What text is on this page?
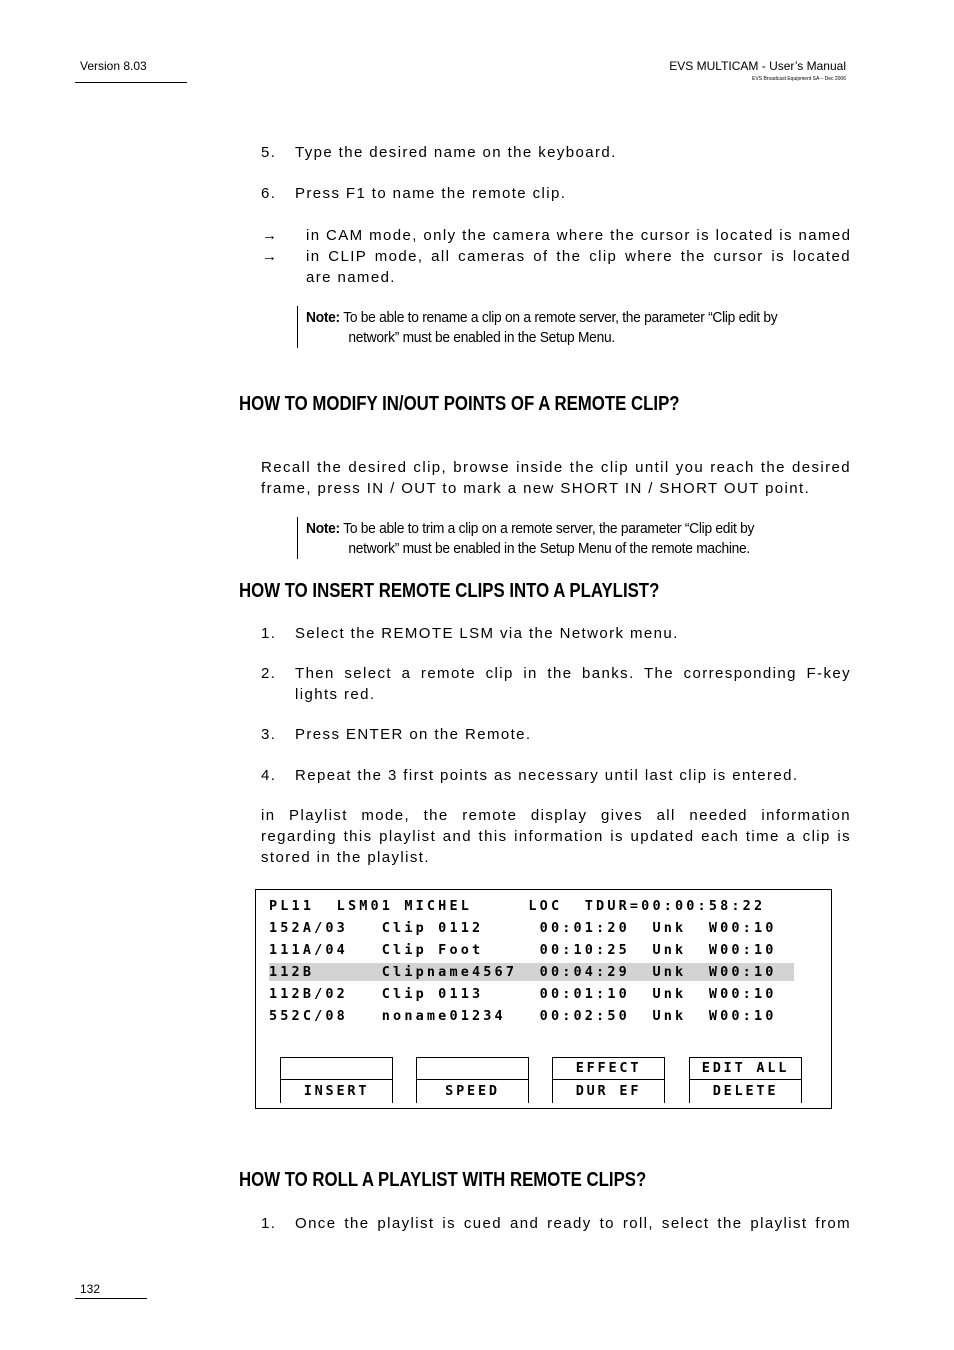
Version 8.03	EVS MULTICAM - User’s Manual
EVS Broadcast Equipment SA – Dec 2006
5. Type the desired name on the keyboard.
6. Press F1 to name the remote clip.
→ in CAM mode, only the camera where the cursor is located is named
→ in CLIP mode, all cameras of the clip where the cursor is located are named.
Note: To be able to rename a clip on a remote server, the parameter “Clip edit by
network” must be enabled in the Setup Menu.
HOW TO MODIFY IN/OUT POINTS OF A REMOTE CLIP?
Recall the desired clip, browse inside the clip until you reach the desired frame, press IN / OUT to mark a new SHORT IN / SHORT OUT point.
Note: To be able to trim a clip on a remote server, the parameter “Clip edit by
network” must be enabled in the Setup Menu of the remote machine.
HOW TO INSERT REMOTE CLIPS INTO A PLAYLIST?
1. Select the REMOTE LSM via the Network menu.
2. Then select a remote clip in the banks. The corresponding F-key lights red.
3. Press ENTER on the Remote.
4. Repeat the 3 first points as necessary until last clip is entered.
in Playlist mode, the remote display gives all needed information regarding this playlist and this information is updated each time a clip is stored in the playlist.
PL11  LSM01 MICHEL     LOC  TDUR=00:00:58:22
152A/03   Clip 0112     00:01:20  Unk  W00:10
111A/04   Clip Foot     00:10:25  Unk  W00:10
112B      Clipname4567  00:04:29  Unk  W00:10
112B/02   Clip 0113     00:01:10  Unk  W00:10
552C/08   noname01234   00:02:50  Unk  W00:10
INSERT	SPEED
EFFECT
DUR EF
EDIT ALL
DELETE
HOW TO ROLL A PLAYLIST WITH REMOTE CLIPS?
1. Once the playlist is cued and ready to roll, select the playlist from
132
